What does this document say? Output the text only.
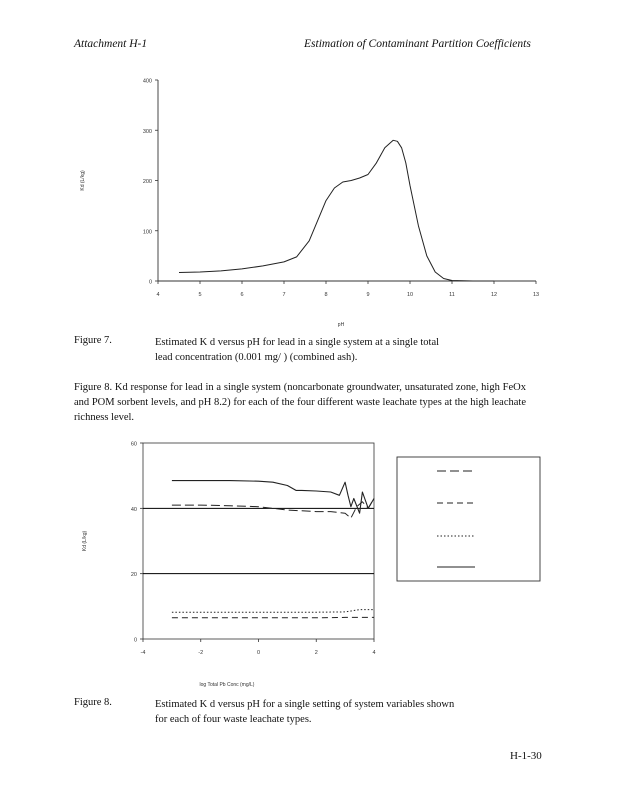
Attachment H-1	Estimation of Contaminant Partition Coefficients
0
100
200
300
400
4	5	6	7	8	9	10	11	12	13
pH
Kd (L/kg)
Figure 7.	Estimated K d versus pH for lead in a single system at a single total
lead concentration (0.001 mg/ ) (combined ash).
Figure 8. Kd response for lead in a single system (noncarbonate groundwater, unsaturated zone, high FeOx and POM sorbent levels, and pH 8.2) for each of the four different waste leachate types at the high leachate richness level.
0
20
40
60
-4	-2	0	2	4
log Total Pb Conc (mg/L)
Kd (L/kg)
Figure 8.	Estimated K d versus pH for a single setting of system variables shown
for each of four waste leachate types.
H-1-30
